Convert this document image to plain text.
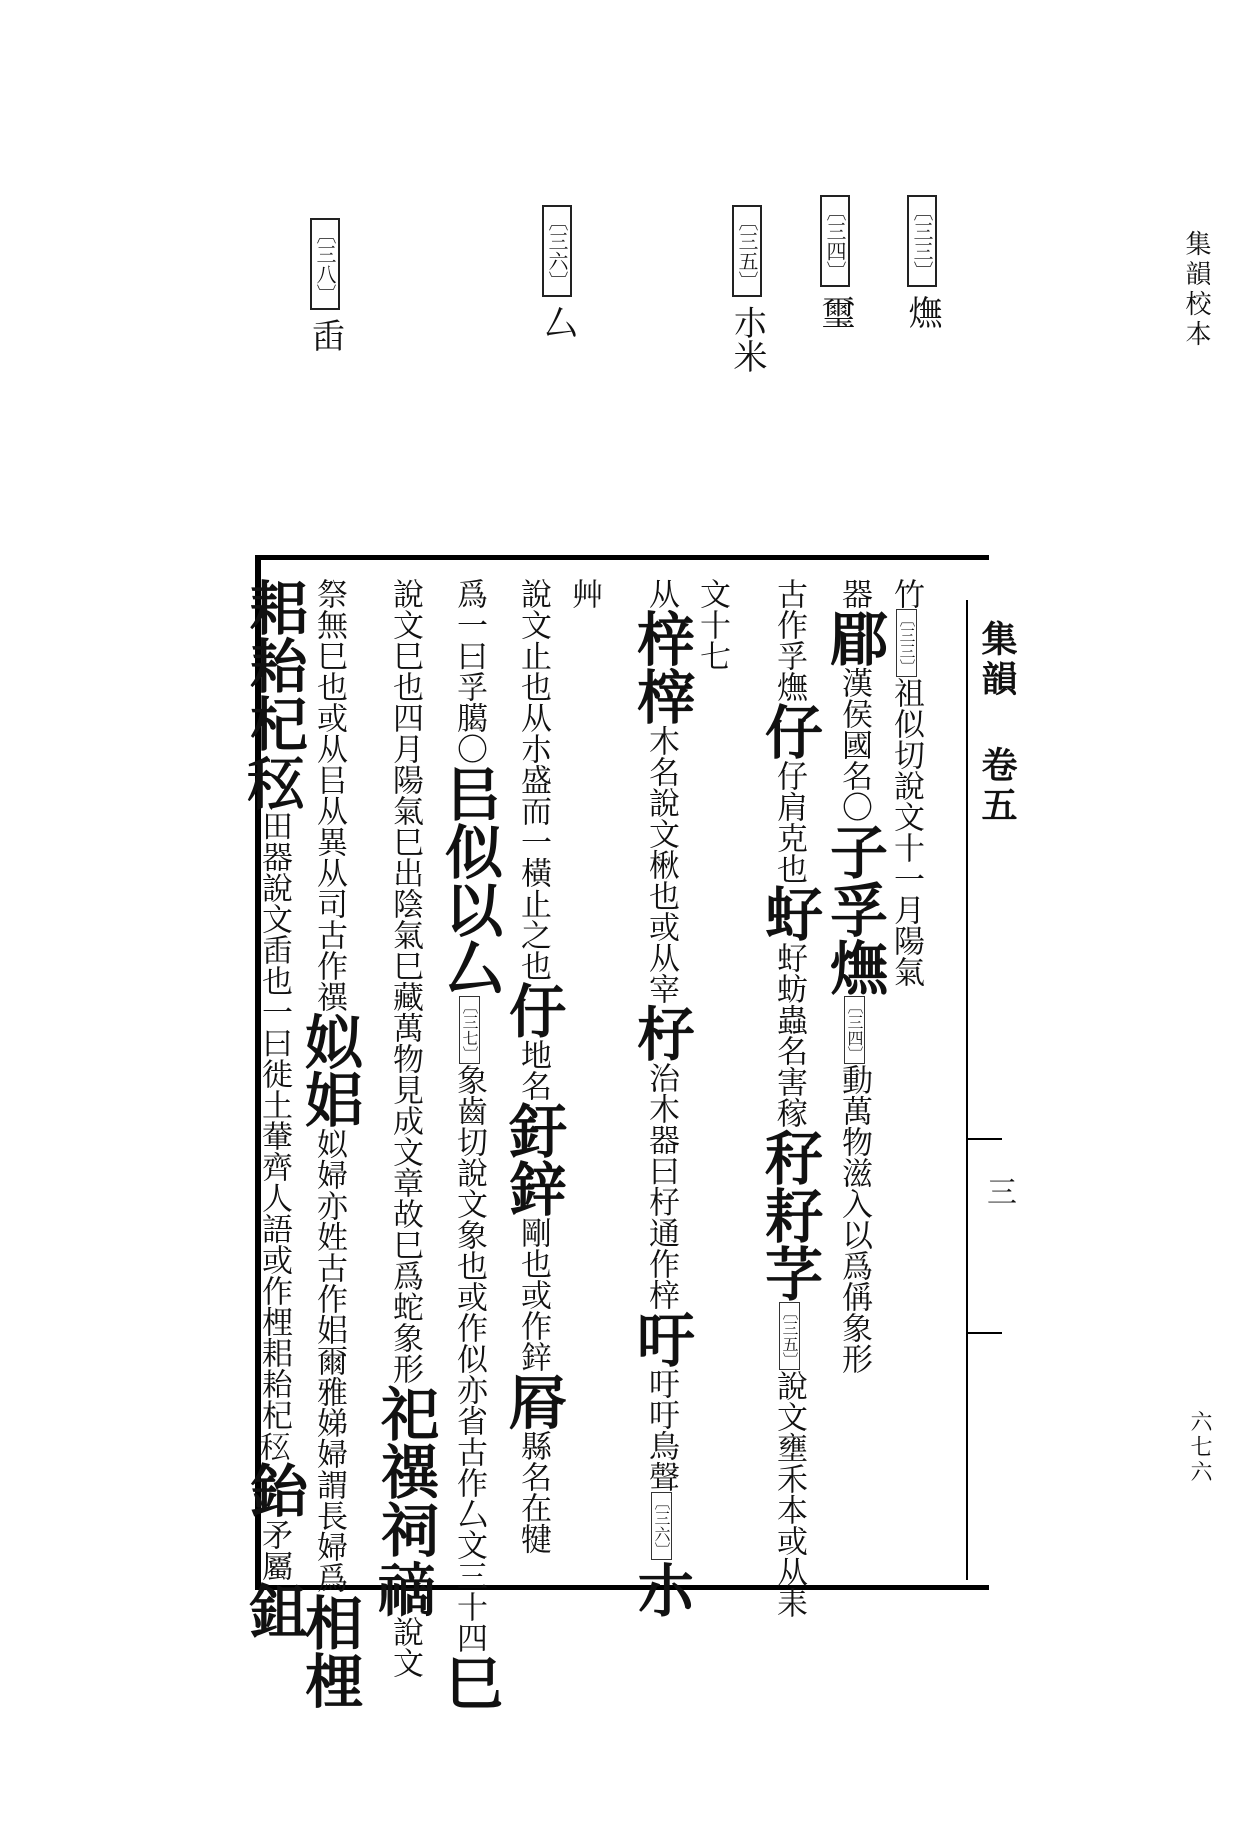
集韻校本
六七六
〔三三〕㷻
〔三四〕璽
〔三五〕朩米
〔三六〕厶
〔三八〕臿
集韻 卷五
三
竹〔三三〕祖似切說文十一月陽氣
器郿漢侯國名〇子孚㷻〔三四〕動萬物滋入以爲偁象形
古作孚㷻仔仔肩克也虸虸蚄蟲名害稼秄耔芓〔三五〕說文壅禾本或从耒
文十七
从梓榟木名說文楸也或从宰杍治木器曰杍通作梓吁吁吁鳥聲〔三六〕朩
艸
說文止也从朩盛而一橫止之也㐵地名釪鋅剛也或作鋅㞕縣名在犍
爲一曰孚臈〇㠯似以厶〔三七〕象齒切說文象也或作似亦省古作厶文三十四巳
說文巳也四月陽氣巳出陰氣巳藏萬物見成文章故巳爲蛇象形祀禩祠𥛚說文
祭無巳也或从㠯从異从司古作禩姒㚶姒婦亦姓古作㚶爾雅娣婦謂長婦爲相梩
耜耛杞𥝮田器說文臿也一曰徙土輂齊人語或作梩耜耛杞𥝮鈶矛屬鉏
